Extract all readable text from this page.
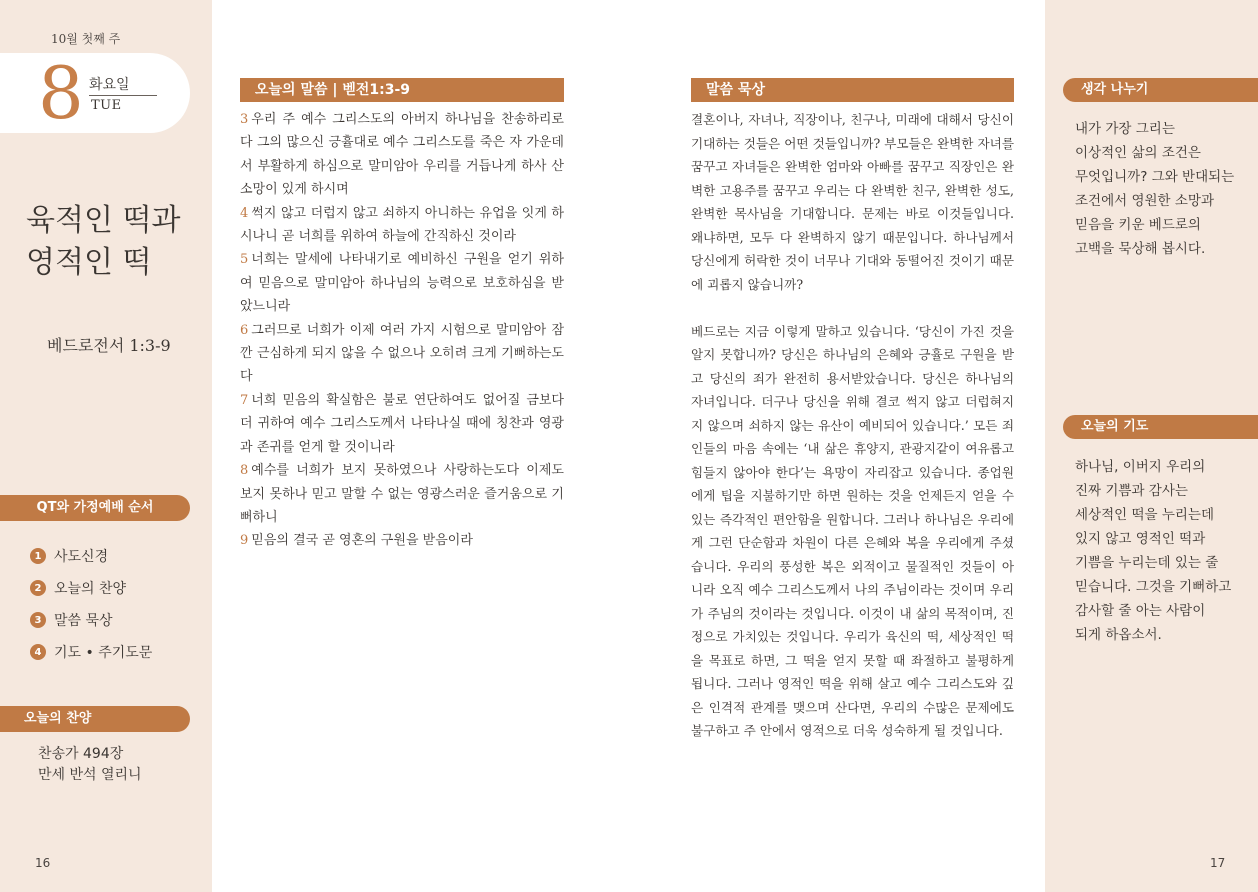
10월 첫째 주
8 화요일
TUE
육적인 떡과
영적인 떡
베드로전서 1:3-9
QT와 가정예배 순서
1 사도신경
2 오늘의 찬양
3 말씀 묵상
4 기도 • 주기도문
오늘의 찬양
찬송가 494장
만세 반석 열리니
16
오늘의 말씀 | 벧전1:3-9

3 우리 주 예수 그리스도의 아버지 하나님을 찬송하리로다 그의 많으신 긍휼대로 예수 그리스도를 죽은 자 가운데서 부활하게 하심으로 말미암아 우리를 거듭나게 하사 산 소망이 있게 하시며

4 썩지 않고 더럽지 않고 쇠하지 아니하는 유업을 잇게 하시나니 곧 너희를 위하여 하늘에 간직하신 것이라

5 너희는 말세에 나타내기로 예비하신 구원을 얻기 위하여 믿음으로 말미암아 하나님의 능력으로 보호하심을 받았느니라

6 그러므로 너희가 이제 여러 가지 시험으로 말미암아 잠깐 근심하게 되지 않을 수 없으나 오히려 크게 기뻐하는도다

7 너희 믿음의 확실함은 불로 연단하여도 없어질 금보다 더 귀하여 예수 그리스도께서 나타나실 때에 칭찬과 영광과 존귀를 얻게 할 것이니라

8 예수를 너희가 보지 못하였으나 사랑하는도다 이제도 보지 못하나 믿고 말할 수 없는 영광스러운 즐거움으로 기뻐하니

9 믿음의 결국 곧 영혼의 구원을 받음이라

말씀 묵상

결혼이나, 자녀나, 직장이나, 친구나, 미래에 대해서 당신이 기대하는 것들은 어떤 것들입니까? 부모들은 완벽한 자녀를 꿈꾸고 자녀들은 완벽한 엄마와 아빠를 꿈꾸고 직장인은 완벽한 고용주를 꿈꾸고 우리는 다 완벽한 친구, 완벽한 성도, 완벽한 목사님을 기대합니다. 문제는 바로 이것들입니다. 왜냐하면, 모두 다 완벽하지 않기 때문입니다. 하나님께서 당신에게 허락한 것이 너무나 기대와 동떨어진 것이기 때문에 괴롭지 않습니까?

베드로는 지금 이렇게 말하고 있습니다. ‘당신이 가진 것을 알지 못합니까? 당신은 하나님의 은혜와 긍휼로 구원을 받고 당신의 죄가 완전히 용서받았습니다. 당신은 하나님의 자녀입니다. 더구나 당신을 위해 결코 썩지 않고 더럽혀지지 않으며 쇠하지 않는 유산이 예비되어 있습니다.’ 모든 죄인들의 마음 속에는 ‘내 삶은 휴양지, 관광지같이 여유롭고 힘들지 않아야 한다’는 욕망이 자리잡고 있습니다. 종업원에게 팁을 지불하기만 하면 원하는 것을 언제든지 얻을 수 있는 즉각적인 편안함을 원합니다. 그러나 하나님은 우리에게 그런 단순함과 차원이 다른 은혜와 복을 우리에게 주셨습니다. 우리의 풍성한 복은 외적이고 물질적인 것들이 아니라 오직 예수 그리스도께서 나의 주님이라는 것이며 우리가 주님의 것이라는 것입니다. 이것이 내 삶의 목적이며, 진정으로 가치있는 것입니다. 우리가 육신의 떡, 세상적인 떡을 목표로 하면, 그 떡을 얻지 못할 때 좌절하고 불평하게 됩니다. 그러나 영적인 떡을 위해 살고 예수 그리스도와 깊은 인격적 관계를 맺으며 산다면, 우리의 수많은 문제에도 불구하고 주 안에서 영적으로 더욱 성숙하게 될 것입니다.

생각 나누기
내가 가장 그리는
이상적인 삶의 조건은
무엇입니까? 그와 반대되는
조건에서 영원한 소망과
믿음을 키운 베드로의
고백을 묵상해 봅시다.
오늘의 기도
하나님, 이버지 우리의
진짜 기쁨과 감사는
세상적인 떡을 누리는데
있지 않고 영적인 떡과
기쁨을 누리는데 있는 줄
믿습니다. 그것을 기뻐하고
감사할 줄 아는 사람이
되게 하옵소서.
17
